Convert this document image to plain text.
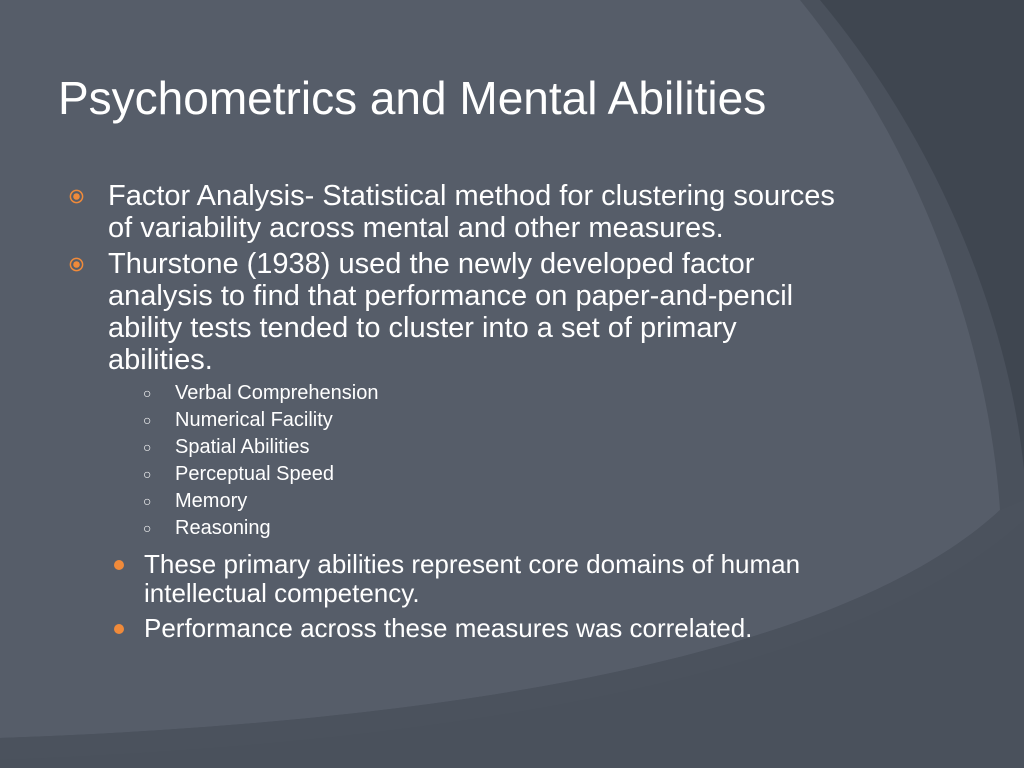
Psychometrics and Mental Abilities
Factor Analysis- Statistical method for clustering sources of variability across mental and other measures.
Thurstone (1938) used the newly developed factor analysis to find that performance on paper-and-pencil ability tests tended to cluster into a set of primary abilities.
○ Verbal Comprehension
○ Numerical Facility
○ Spatial Abilities
○ Perceptual Speed
○ Memory
○ Reasoning
These primary abilities represent core domains of human intellectual competency.
Performance across these measures was correlated.
